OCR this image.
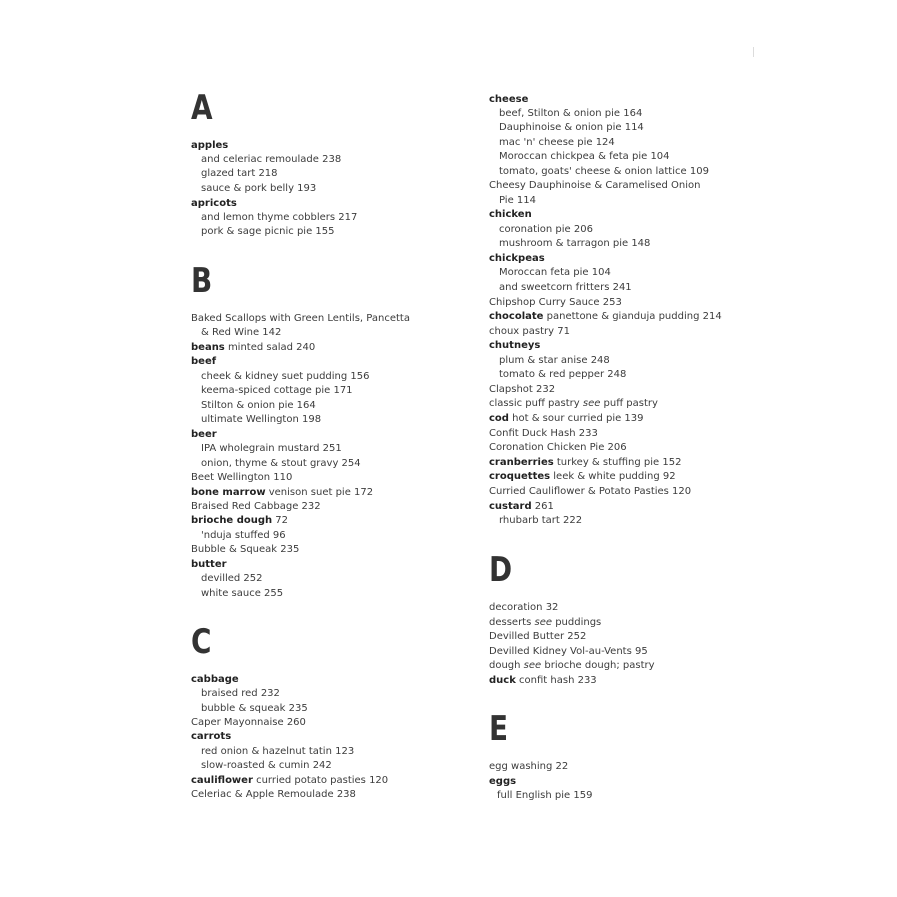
A
apples
and celeriac remoulade 238
glazed tart 218
sauce & pork belly 193
apricots
and lemon thyme cobblers 217
pork & sage picnic pie 155
B
Baked Scallops with Green Lentils, Pancetta
& Red Wine 142
beans minted salad 240
beef
cheek & kidney suet pudding 156
keema-spiced cottage pie 171
Stilton & onion pie 164
ultimate Wellington 198
beer
IPA wholegrain mustard 251
onion, thyme & stout gravy 254
Beet Wellington 110
bone marrow venison suet pie 172
Braised Red Cabbage 232
brioche dough 72
'nduja stuffed 96
Bubble & Squeak 235
butter
devilled 252
white sauce 255
C
cabbage
braised red 232
bubble & squeak 235
Caper Mayonnaise 260
carrots
red onion & hazelnut tatin 123
slow-roasted & cumin 242
cauliflower curried potato pasties 120
Celeriac & Apple Remoulade 238
cheese
beef, Stilton & onion pie 164
Dauphinoise & onion pie 114
mac 'n' cheese pie 124
Moroccan chickpea & feta pie 104
tomato, goats' cheese & onion lattice 109
Cheesy Dauphinoise & Caramelised Onion
Pie 114
chicken
coronation pie 206
mushroom & tarragon pie 148
chickpeas
Moroccan feta pie 104
and sweetcorn fritters 241
Chipshop Curry Sauce 253
chocolate panettone & gianduja pudding 214
choux pastry 71
chutneys
plum & star anise 248
tomato & red pepper 248
Clapshot 232
classic puff pastry see puff pastry
cod hot & sour curried pie 139
Confit Duck Hash 233
Coronation Chicken Pie 206
cranberries turkey & stuffing pie 152
croquettes leek & white pudding 92
Curried Cauliflower & Potato Pasties 120
custard 261
rhubarb tart 222
D
decoration 32
desserts see puddings
Devilled Butter 252
Devilled Kidney Vol-au-Vents 95
dough see brioche dough; pastry
duck confit hash 233
E
egg washing 22
eggs
full English pie 159
